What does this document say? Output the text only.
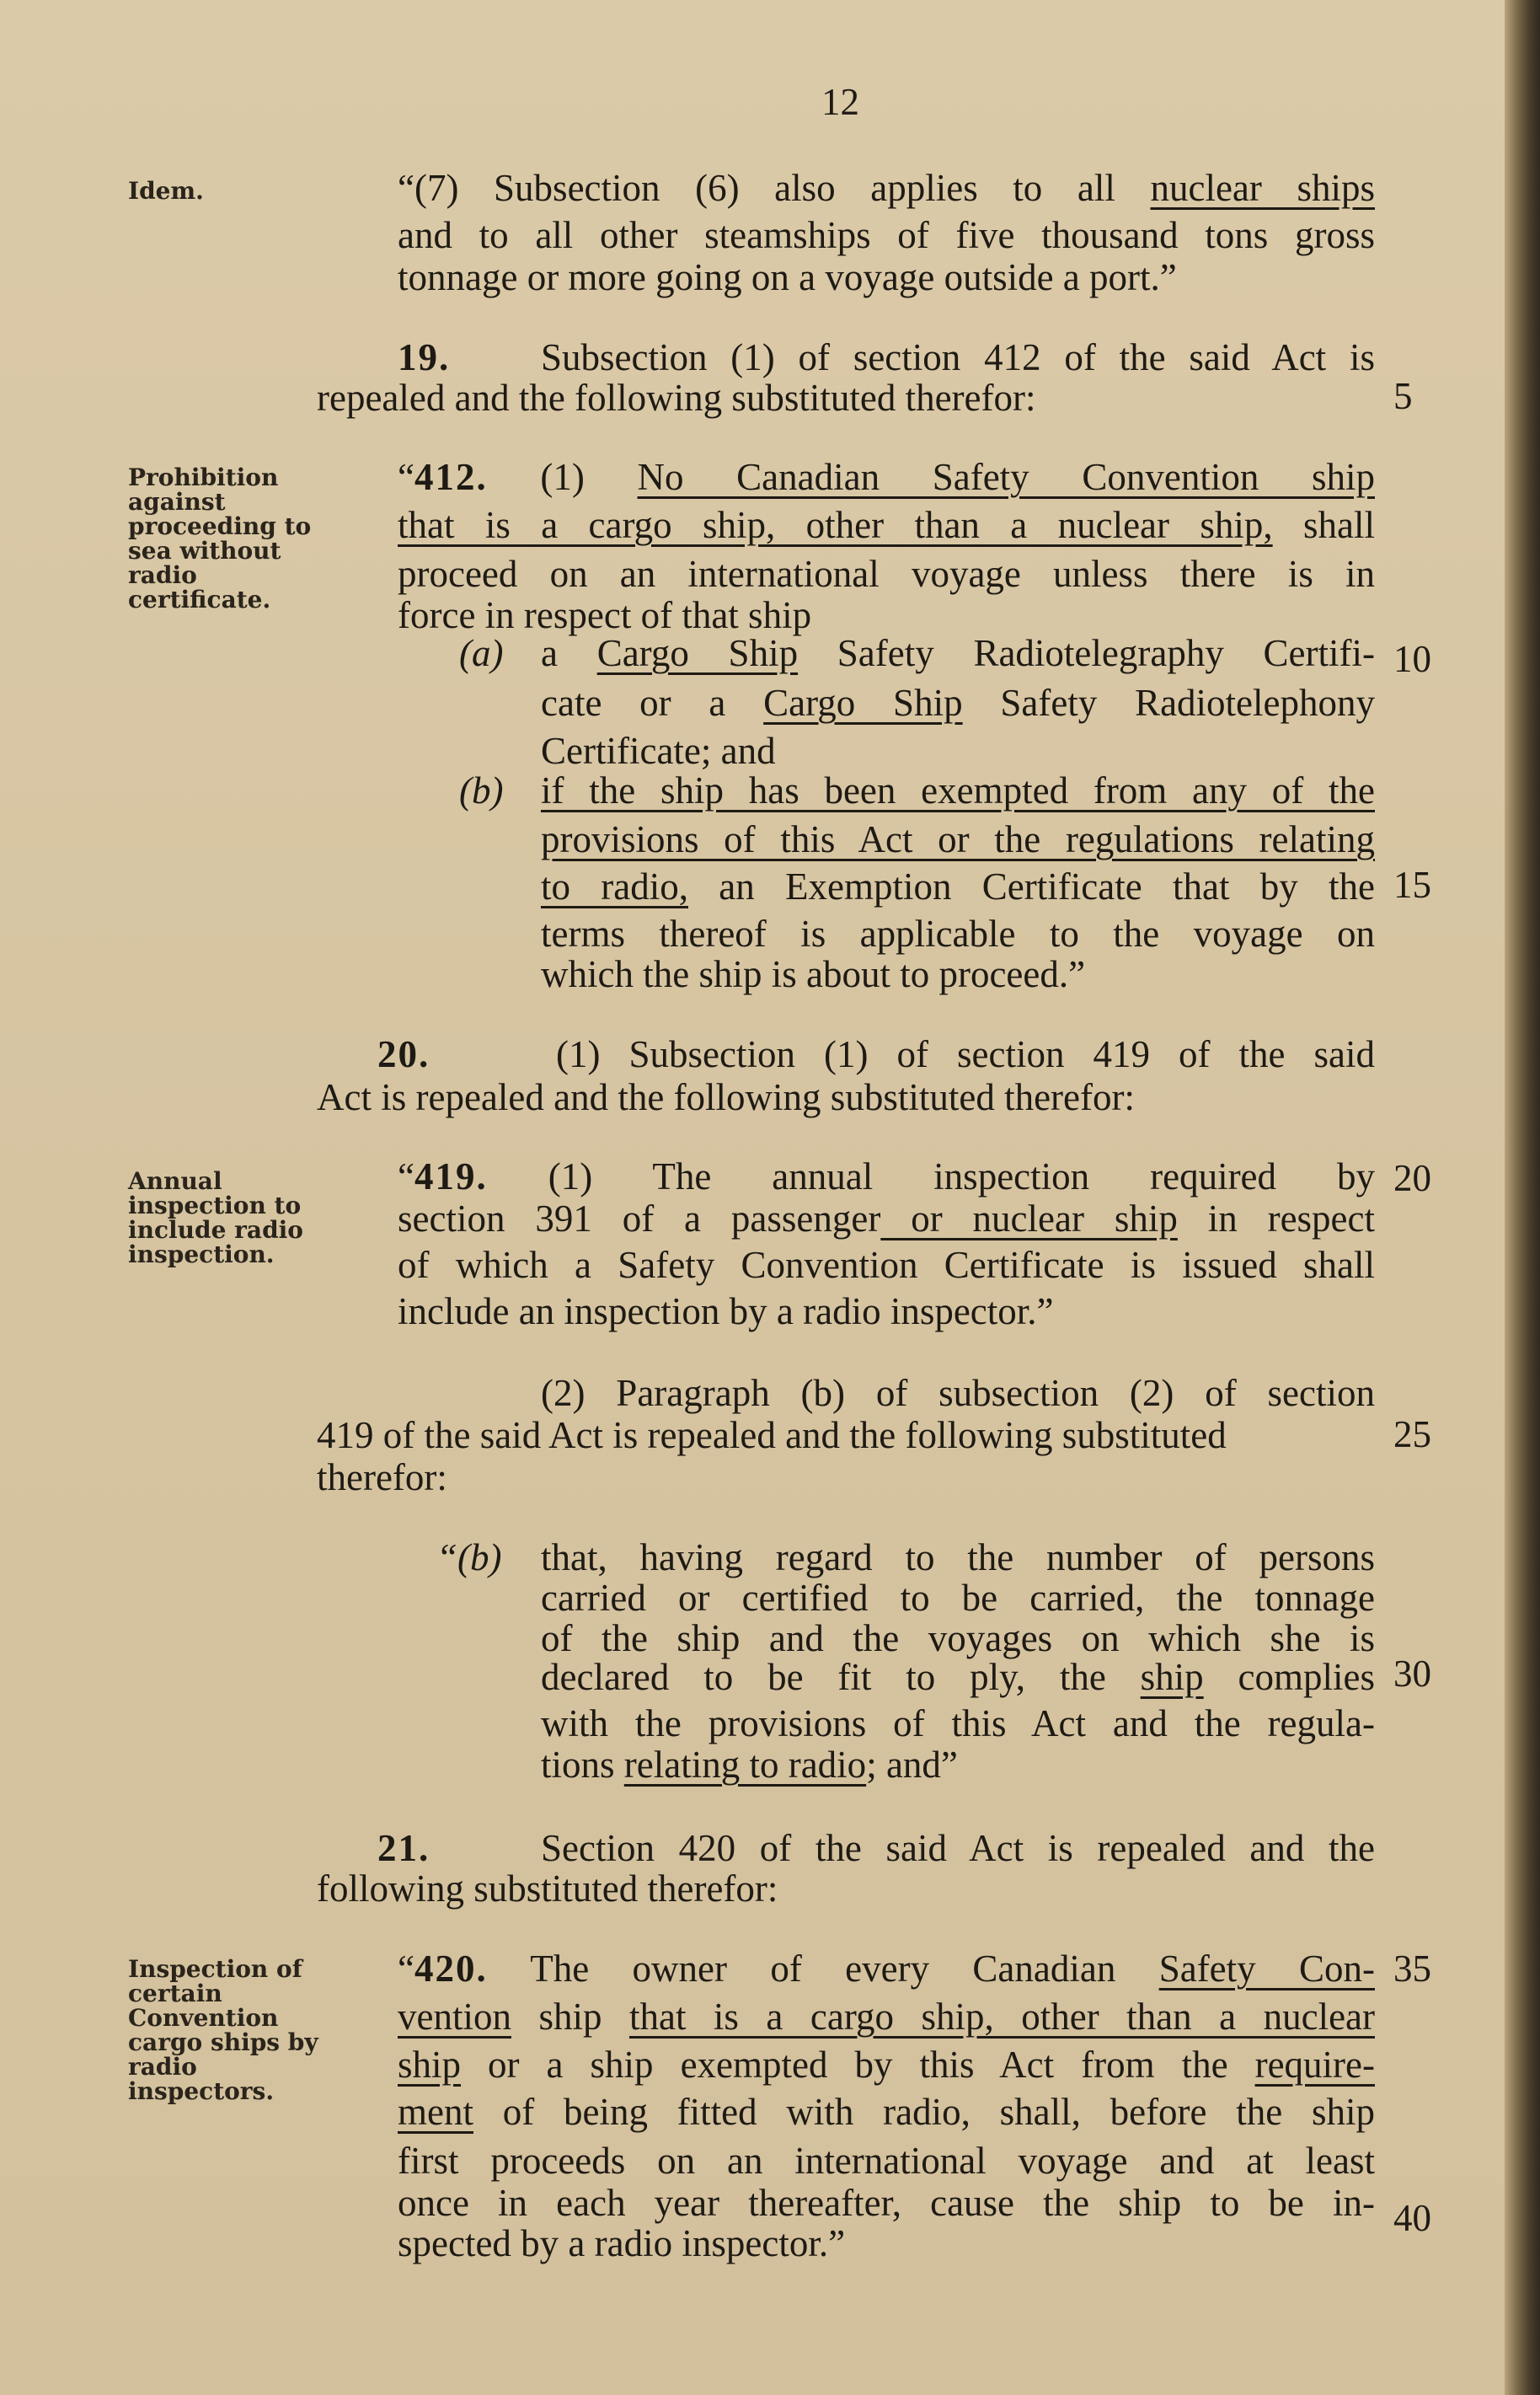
12
Idem.
Prohibition against proceeding to sea without radio certificate.
Annual inspection to include radio inspection.
Inspection of certain Convention cargo ships by radio inspectors.
5
10
15
20
25
30
35
40
“(7) Subsection (6) also applies to all nuclear ships
and to all other steamships of five thousand tons gross
tonnage or more going on a voyage outside a port.”
19. Subsection (1) of section 412 of the said Act is
repealed and the following substituted therefor:
“412. (1) No Canadian Safety Convention ship
that is a cargo ship, other than a nuclear ship, shall
proceed on an international voyage unless there is in
force in respect of that ship
(a) a Cargo Ship Safety Radiotelegraphy Certifi-
cate or a Cargo Ship Safety Radiotelephony
Certificate; and
(b) if the ship has been exempted from any of the
provisions of this Act or the regulations relating
to radio, an Exemption Certificate that by the
terms thereof is applicable to the voyage on
which the ship is about to proceed.”
20.	(1) Subsection (1) of section 419 of the said
Act is repealed and the following substituted therefor:
“419. (1) The annual inspection required by
section 391 of a passenger or nuclear ship in respect
of which a Safety Convention Certificate is issued shall
include an inspection by a radio inspector.”
(2) Paragraph (b) of subsection (2) of section
419 of the said Act is repealed and the following substituted
therefor:
“(b) that, having regard to the number of persons
carried or certified to be carried, the tonnage
of the ship and the voyages on which she is
declared to be fit to ply, the ship complies
with the provisions of this Act and the regula-
tions relating to radio; and”
21.	Section 420 of the said Act is repealed and the
following substituted therefor:
“420. The owner of every Canadian Safety Con-
vention ship that is a cargo ship, other than a nuclear
ship or a ship exempted by this Act from the require-
ment of being fitted with radio, shall, before the ship
first proceeds on an international voyage and at least
once in each year thereafter, cause the ship to be in-
spected by a radio inspector.”
